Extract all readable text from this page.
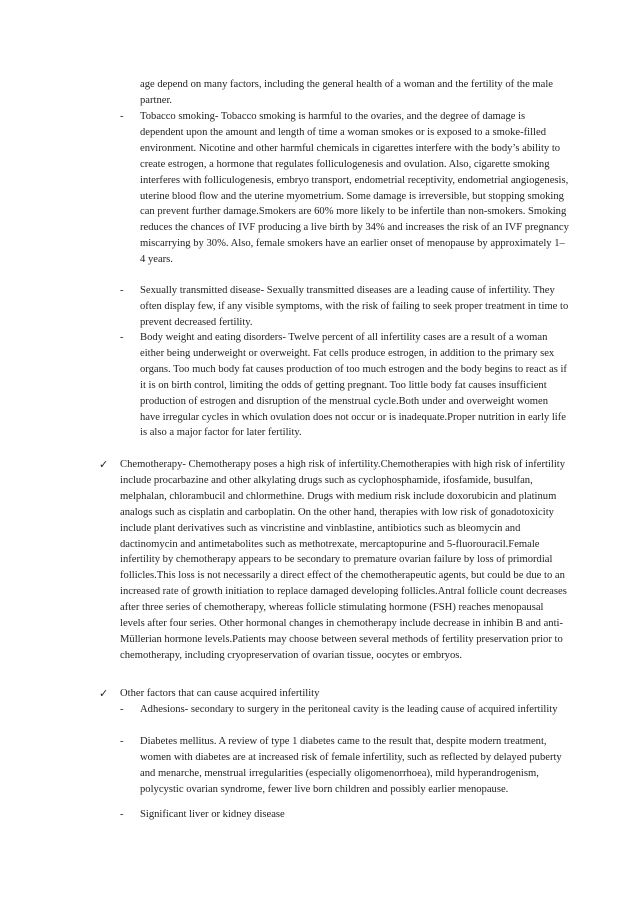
age depend on many factors, including the general health of a woman and the fertility of the male partner.

-	Tobacco smoking- Tobacco smoking is harmful to the ovaries, and the degree of damage is dependent upon the amount and length of time a woman smokes or is exposed to a smoke-filled environment. Nicotine and other harmful chemicals in cigarettes interfere with the body’s ability to create estrogen, a hormone that regulates folliculogenesis and ovulation. Also, cigarette smoking interferes with folliculogenesis, embryo transport, endometrial receptivity, endometrial angiogenesis, uterine blood flow and the uterine myometrium. Some damage is irreversible, but stopping smoking can prevent further damage.Smokers are 60% more likely to be infertile than non-smokers. Smoking reduces the chances of IVF producing a live birth by 34% and increases the risk of an IVF pregnancy miscarrying by 30%. Also, female smokers have an earlier onset of menopause by approximately 1–4 years.

-	Sexually transmitted disease- Sexually transmitted diseases are a leading cause of infertility. They often display few, if any visible symptoms, with the risk of failing to seek proper treatment in time to prevent decreased fertility.

-	Body weight and eating disorders- Twelve percent of all infertility cases are a result of a woman either being underweight or overweight. Fat cells produce estrogen, in addition to the primary sex organs. Too much body fat causes production of too much estrogen and the body begins to react as if it is on birth control, limiting the odds of getting pregnant. Too little body fat causes insufficient production of estrogen and disruption of the menstrual cycle.Both under and overweight women have irregular cycles in which ovulation does not occur or is inadequate.Proper nutrition in early life is also a major factor for later fertility.

✓	Chemotherapy- Chemotherapy poses a high risk of infertility.Chemotherapies with high risk of infertility include procarbazine and other alkylating drugs such as cyclophosphamide, ifosfamide, busulfan, melphalan, chlorambucil and chlormethine. Drugs with medium risk include doxorubicin and platinum analogs such as cisplatin and carboplatin. On the other hand, therapies with low risk of gonadotoxicity include plant derivatives such as vincristine and vinblastine, antibiotics such as bleomycin and dactinomycin and antimetabolites such as methotrexate, mercaptopurine and 5-fluorouracil.Female infertility by chemotherapy appears to be secondary to premature ovarian failure by loss of primordial follicles.This loss is not necessarily a direct effect of the chemotherapeutic agents, but could be due to an increased rate of growth initiation to replace damaged developing follicles.Antral follicle count decreases after three series of chemotherapy, whereas follicle stimulating hormone (FSH) reaches menopausal levels after four series. Other hormonal changes in chemotherapy include decrease in inhibin B and anti-Müllerian hormone levels.Patients may choose between several methods of fertility preservation prior to chemotherapy, including cryopreservation of ovarian tissue, oocytes or embryos.

✓	Other factors that can cause acquired infertility

-	Adhesions- secondary to surgery in the peritoneal cavity is the leading cause of acquired infertility

-	Diabetes mellitus. A review of type 1 diabetes came to the result that, despite modern treatment, women with diabetes are at increased risk of female infertility, such as reflected by delayed puberty and menarche, menstrual irregularities (especially oligomenorrhoea), mild hyperandrogenism, polycystic ovarian syndrome, fewer live born children and possibly earlier menopause.

-	Significant liver or kidney disease
